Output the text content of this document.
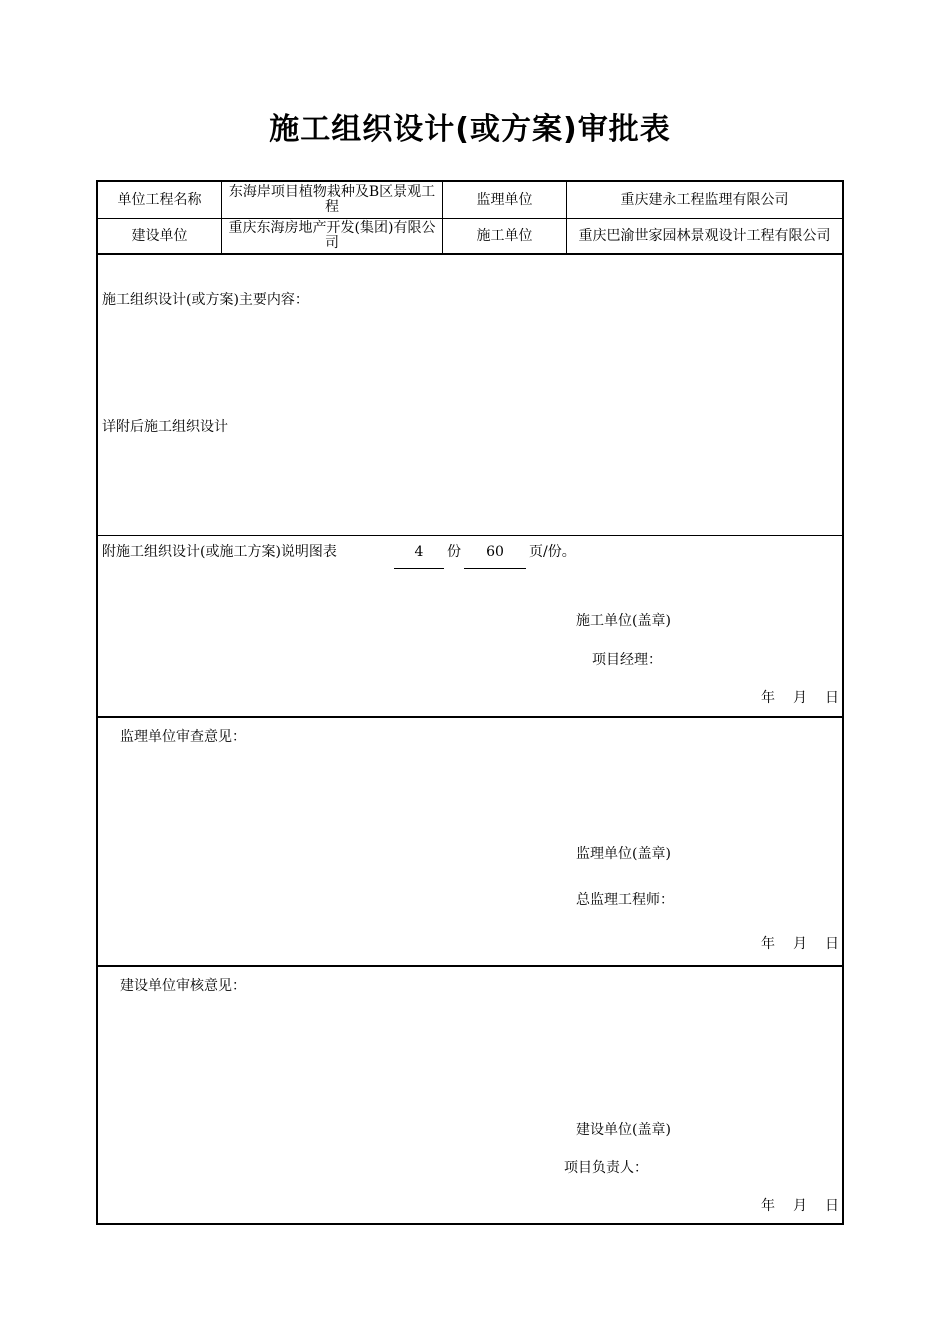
施工组织设计(或方案)审批表
单位工程名称	东海岸项目植物栽种及B区景观工程	监理单位	重庆建永工程监理有限公司
建设单位	重庆东海房地产开发(集团)有限公司	施工单位	重庆巴渝世家园林景观设计工程有限公司
施工组织设计(或方案)主要内容：
详附后施工组织设计
附施工组织设计(或施工方案)说明图表	4	份	60	页/份。
施工单位(盖章)
项目经理：
年 月 日
监理单位审查意见：
监理单位(盖章)
总监理工程师：
年 月 日
建设单位审核意见：
建设单位(盖章)
项目负责人：
年 月 日
